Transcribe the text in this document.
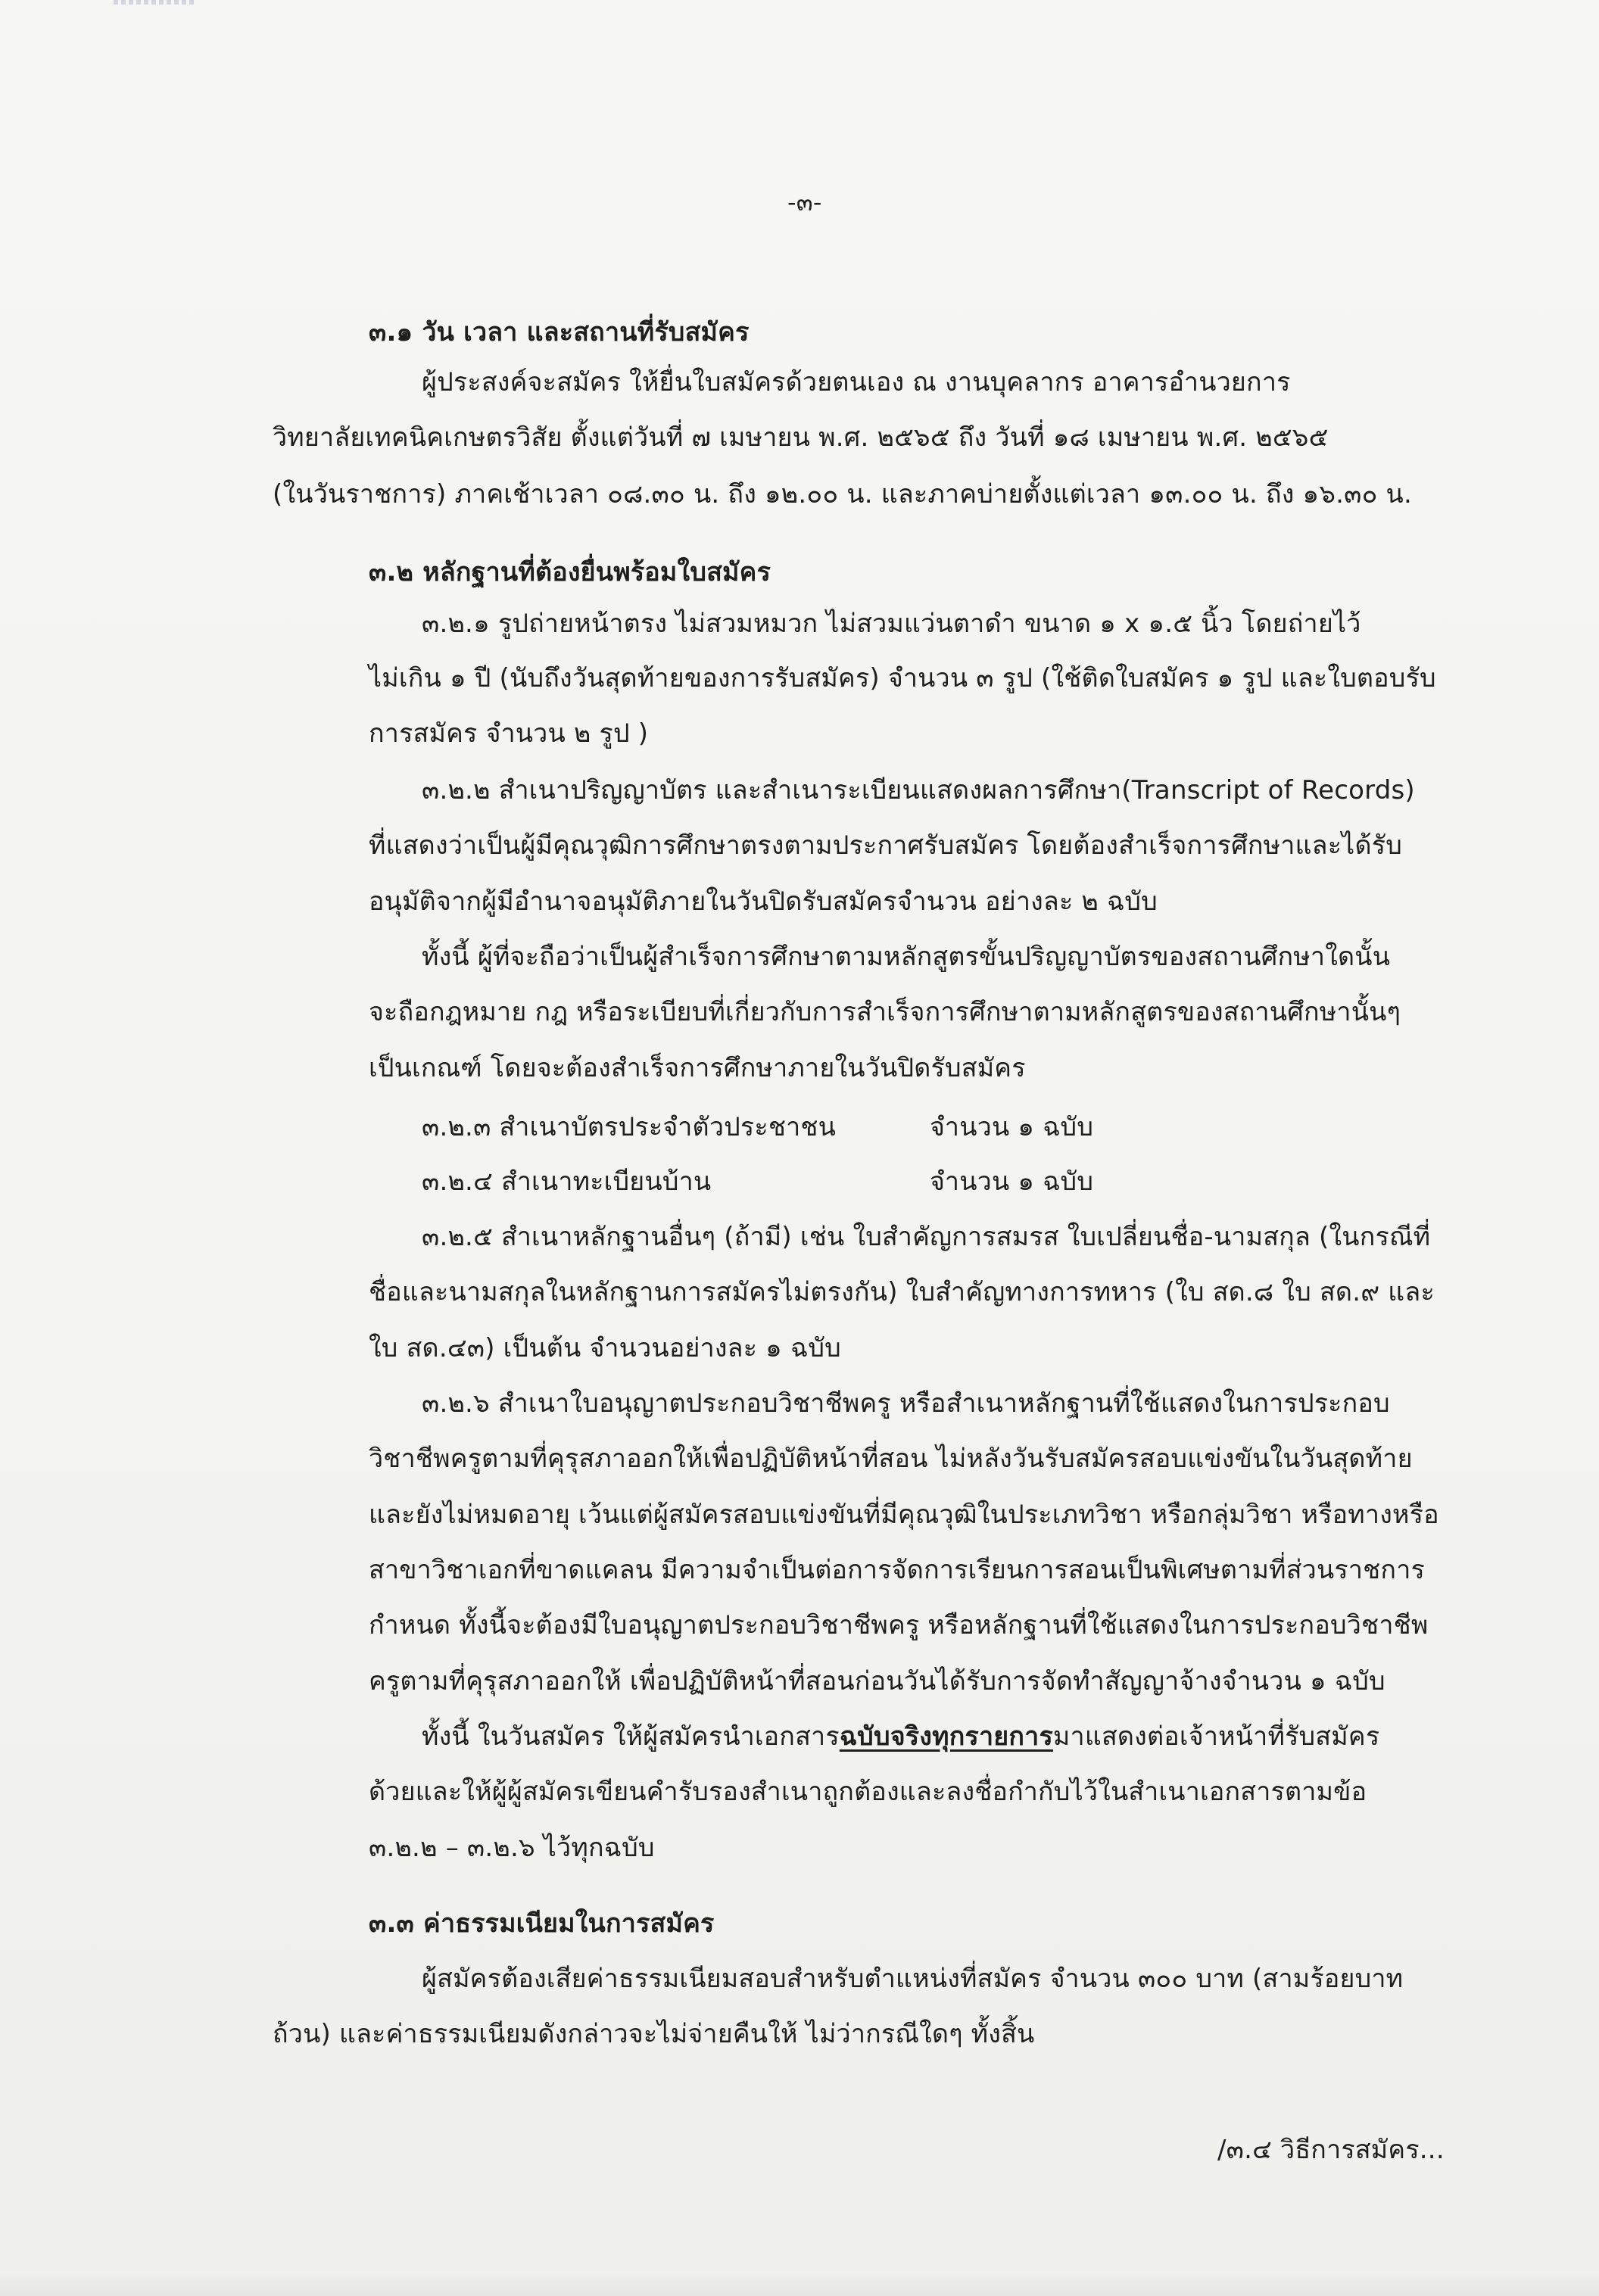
-๓-
๓.๑ วัน เวลา และสถานที่รับสมัคร
ผู้ประสงค์จะสมัคร ให้ยื่นใบสมัครด้วยตนเอง ณ งานบุคลากร อาคารอำนวยการ
วิทยาลัยเทคนิคเกษตรวิสัย ตั้งแต่วันที่ ๗ เมษายน พ.ศ. ๒๕๖๕ ถึง วันที่ ๑๘ เมษายน พ.ศ. ๒๕๖๕
(ในวันราชการ) ภาคเช้าเวลา ๐๘.๓๐ น. ถึง ๑๒.๐๐ น. และภาคบ่ายตั้งแต่เวลา ๑๓.๐๐ น. ถึง ๑๖.๓๐ น.
๓.๒ หลักฐานที่ต้องยื่นพร้อมใบสมัคร
๓.๒.๑ รูปถ่ายหน้าตรง ไม่สวมหมวก ไม่สวมแว่นตาดำ ขนาด ๑ x ๑.๕ นิ้ว โดยถ่ายไว้
ไม่เกิน ๑ ปี (นับถึงวันสุดท้ายของการรับสมัคร) จำนวน ๓ รูป (ใช้ติดใบสมัคร ๑ รูป และใบตอบรับ
การสมัคร จำนวน ๒ รูป )
๓.๒.๒ สำเนาปริญญาบัตร และสำเนาระเบียนแสดงผลการศึกษา(Transcript of Records)
ที่แสดงว่าเป็นผู้มีคุณวุฒิการศึกษาตรงตามประกาศรับสมัคร โดยต้องสำเร็จการศึกษาและได้รับ
อนุมัติจากผู้มีอำนาจอนุมัติภายในวันปิดรับสมัครจำนวน อย่างละ ๒ ฉบับ
ทั้งนี้ ผู้ที่จะถือว่าเป็นผู้สำเร็จการศึกษาตามหลักสูตรขั้นปริญญาบัตรของสถานศึกษาใดนั้น
จะถือกฎหมาย กฎ หรือระเบียบที่เกี่ยวกับการสำเร็จการศึกษาตามหลักสูตรของสถานศึกษานั้นๆ
เป็นเกณฑ์ โดยจะต้องสำเร็จการศึกษาภายในวันปิดรับสมัคร
๓.๒.๓ สำเนาบัตรประจำตัวประชาชน	จำนวน ๑ ฉบับ
๓.๒.๔ สำเนาทะเบียนบ้าน	จำนวน ๑ ฉบับ
๓.๒.๕ สำเนาหลักฐานอื่นๆ (ถ้ามี) เช่น ใบสำคัญการสมรส ใบเปลี่ยนชื่อ-นามสกุล (ในกรณีที่
ชื่อและนามสกุลในหลักฐานการสมัครไม่ตรงกัน) ใบสำคัญทางการทหาร (ใบ สด.๘ ใบ สด.๙ และ
ใบ สด.๔๓) เป็นต้น จำนวนอย่างละ ๑ ฉบับ
๓.๒.๖ สำเนาใบอนุญาตประกอบวิชาชีพครู หรือสำเนาหลักฐานที่ใช้แสดงในการประกอบ
วิชาชีพครูตามที่คุรุสภาออกให้เพื่อปฏิบัติหน้าที่สอน ไม่หลังวันรับสมัครสอบแข่งขันในวันสุดท้าย
และยังไม่หมดอายุ เว้นแต่ผู้สมัครสอบแข่งขันที่มีคุณวุฒิในประเภทวิชา หรือกลุ่มวิชา หรือทางหรือ
สาขาวิชาเอกที่ขาดแคลน มีความจำเป็นต่อการจัดการเรียนการสอนเป็นพิเศษตามที่ส่วนราชการ
กำหนด ทั้งนี้จะต้องมีใบอนุญาตประกอบวิชาชีพครู หรือหลักฐานที่ใช้แสดงในการประกอบวิชาชีพ
ครูตามที่คุรุสภาออกให้ เพื่อปฏิบัติหน้าที่สอนก่อนวันได้รับการจัดทำสัญญาจ้างจำนวน ๑ ฉบับ
ทั้งนี้ ในวันสมัคร ให้ผู้สมัครนำเอกสารฉบับจริงทุกรายการมาแสดงต่อเจ้าหน้าที่รับสมัคร
ด้วยและให้ผู้ผู้สมัครเขียนคำรับรองสำเนาถูกต้องและลงชื่อกำกับไว้ในสำเนาเอกสารตามข้อ
๓.๒.๒ – ๓.๒.๖ ไว้ทุกฉบับ
๓.๓ ค่าธรรมเนียมในการสมัคร
ผู้สมัครต้องเสียค่าธรรมเนียมสอบสำหรับตำแหน่งที่สมัคร จำนวน ๓๐๐ บาท (สามร้อยบาท
ถ้วน) และค่าธรรมเนียมดังกล่าวจะไม่จ่ายคืนให้ ไม่ว่ากรณีใดๆ ทั้งสิ้น
/๓.๔ วิธีการสมัคร...
